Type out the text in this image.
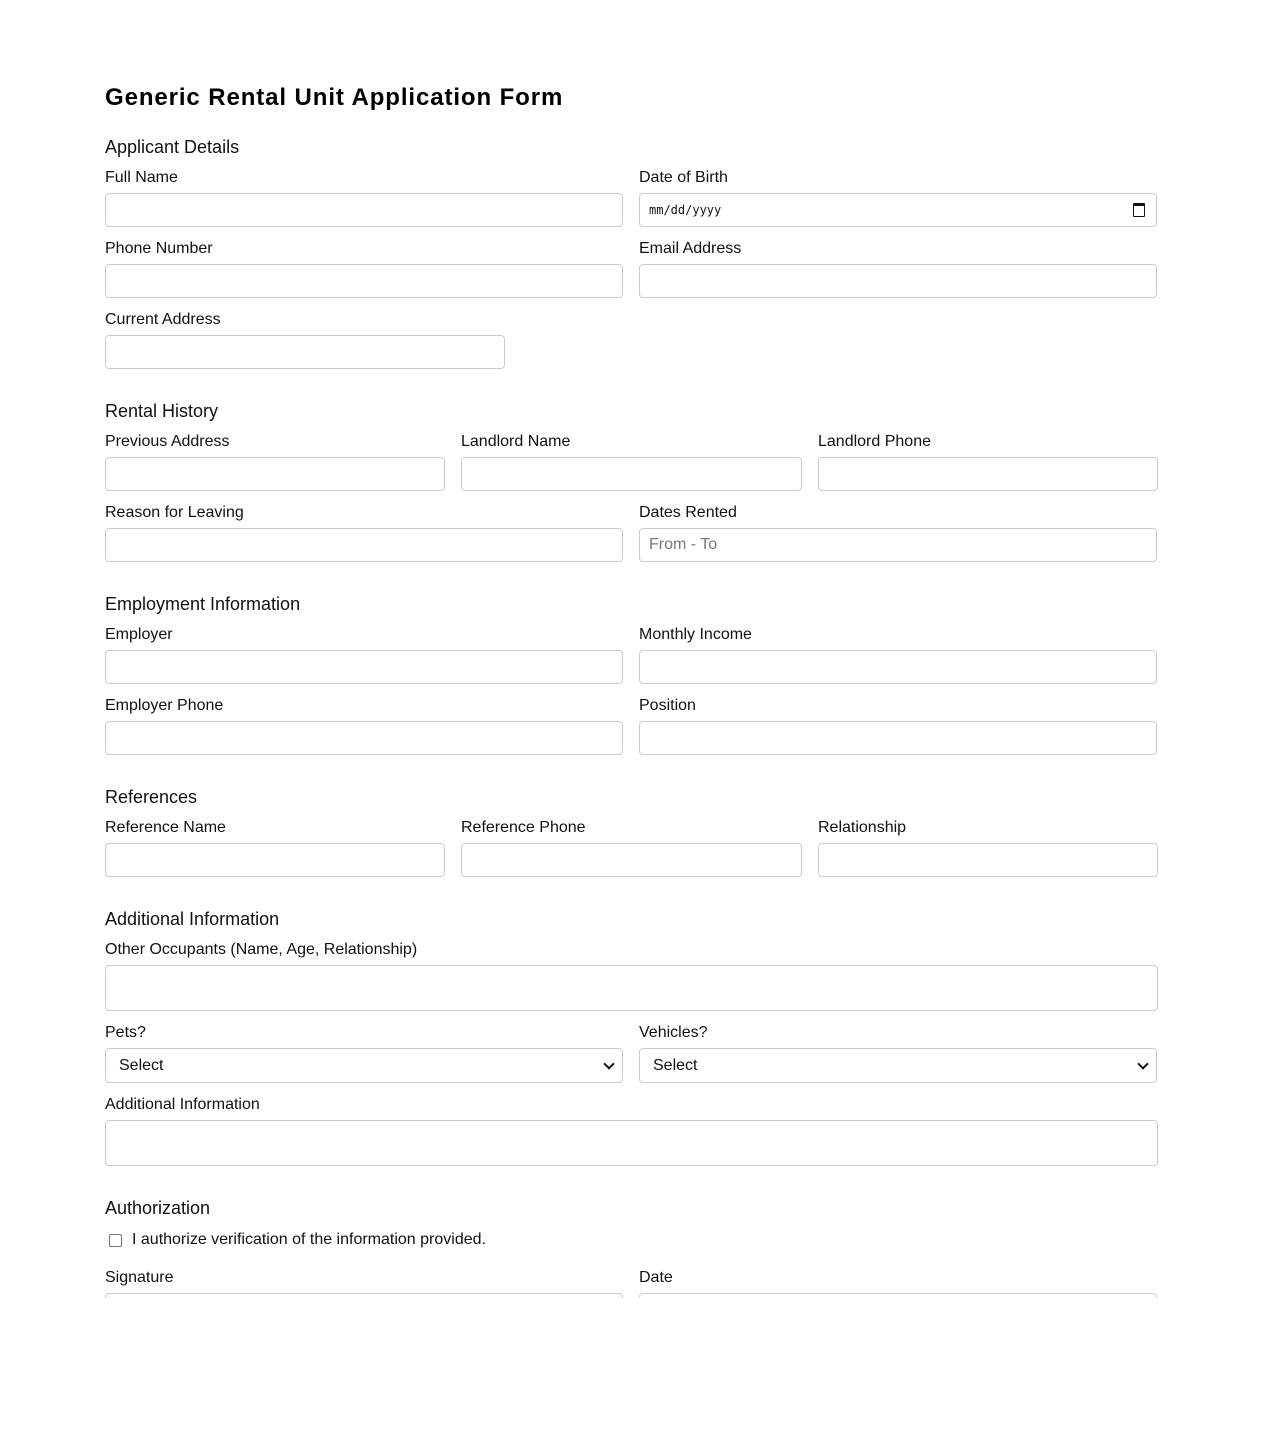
Generic Rental Unit Application Form
Applicant Details
Full Name	Date of Birth
mm/dd/yyyy
Phone Number	Email Address
Current Address
Rental History
Previous Address	Landlord Name	Landlord Phone
Reason for Leaving	Dates Rented
From - To
Employment Information
Employer	Monthly Income
Employer Phone	Position
References
Reference Name	Reference Phone	Relationship
Additional Information
Other Occupants (Name, Age, Relationship)
Pets?
Select
Vehicles?
Select
Additional Information
Authorization
I authorize verification of the information provided.
Signature	Date
